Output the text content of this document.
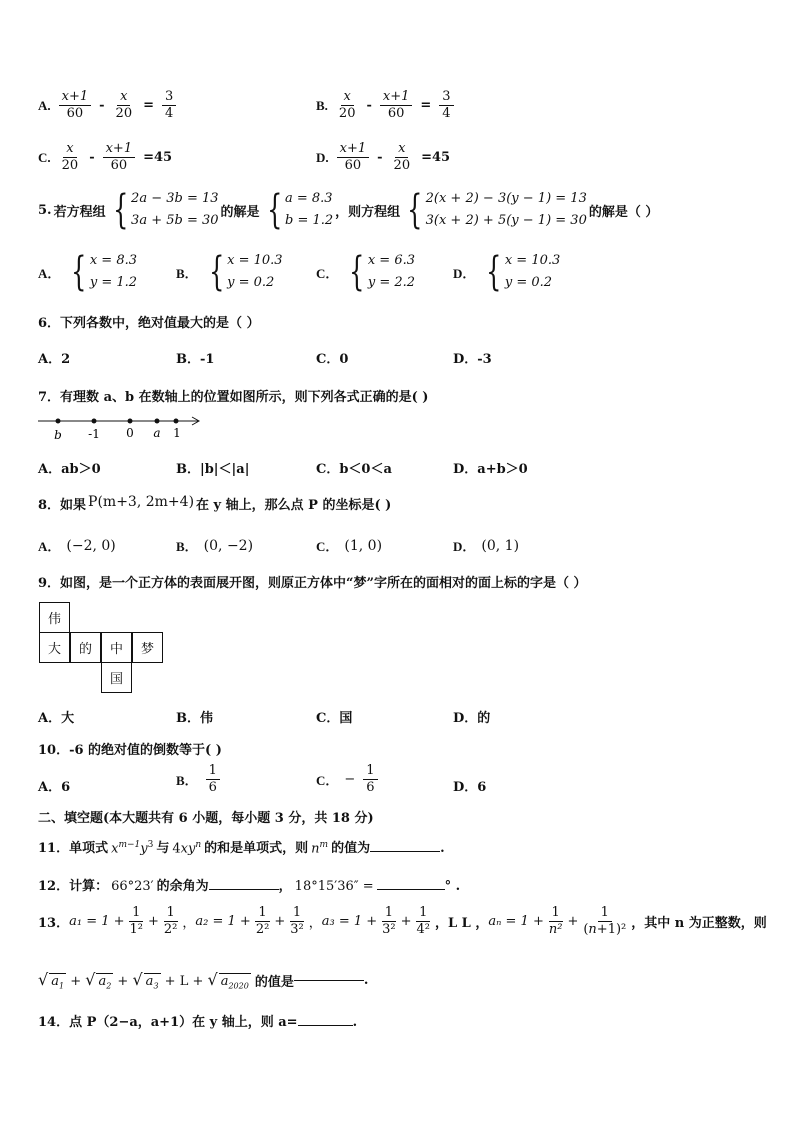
A. $\frac{x+1}{60} - \frac{x}{20} = \frac{3}{4}$	B. $\frac{x}{20} - \frac{x+1}{60} = \frac{3}{4}$
C. $\frac{x}{20} - \frac{x+1}{60} =45$	D. $\frac{x+1}{60} - \frac{x}{20} =45$
5. 若方程组 { 2a − 3b = 13
3a + 5b = 30
的解是 { a = 8.3
b = 1.2
，则方程组 { 2(x + 2) − 3(y − 1) = 13
3(x + 2) + 5(y − 1) = 30
的解是（ ）
A． { x = 8.3
y = 1.2
B． { x = 10.3
y = 0.2
C． { x = 6.3
y = 2.2
D． { x = 10.3
y = 0.2
6．下列各数中，绝对值最大的是（ ）
A．2	B．-1	C．0	D．-3
7．有理数 a、b 在数轴上的位置如图所示，则下列各式正确的是( )
b -1 0 a 1
A．ab＞0	B．|b|＜|a|	C．b＜0＜a	D．a+b＞0
8．如果 P(m+3, 2m+4) 在 y 轴上，那么点 P 的坐标是( )
A． (−2, 0)	B． (0, −2)	C． (1, 0)	D． (0, 1)
9．如图，是一个正方体的表面展开图，则原正方体中“梦”字所在的面相对的面上标的字是（ ）
伟
大	的	中	梦
国
A．大	B．伟	C．国	D．的
10．-6 的绝对值的倒数等于( )
A．6	B． $\frac{1}{6}$	C． − $\frac{1}{6}$	D．6
二、填空题(本大题共有 6 小题，每小题 3 分，共 18 分)
11．单项式 $x^{m-1}y^3$ 与 $4xy^n$ 的和是单项式，则 $n^m$ 的值为	.
12．计算： 66°23′ 的余角为	， 18°15′36″ =	° .
13． $a_1 = 1 + \frac{1}{\text{1²}} + \frac{1}{\text{2²}}$ ， $a_2 = 1 + \frac{1}{\text{2²}} + \frac{1}{\text{3²}}$ ， $a_3 = 1 + \frac{1}{\text{3²}} + \frac{1}{\text{4²}}$ ，L L ， $a_n = 1 + \frac{1}{\text{n²}} + \frac{1}{\text{(n+1)²}}$ ，其中 n 为正整数，则
√ $a_1$ + √ $a_2$ + √ $a_3 + L$ + √ $a_{2020}$ 的值是	.
14．点 P（2−a，a+1）在 y 轴上，则 a=	.
